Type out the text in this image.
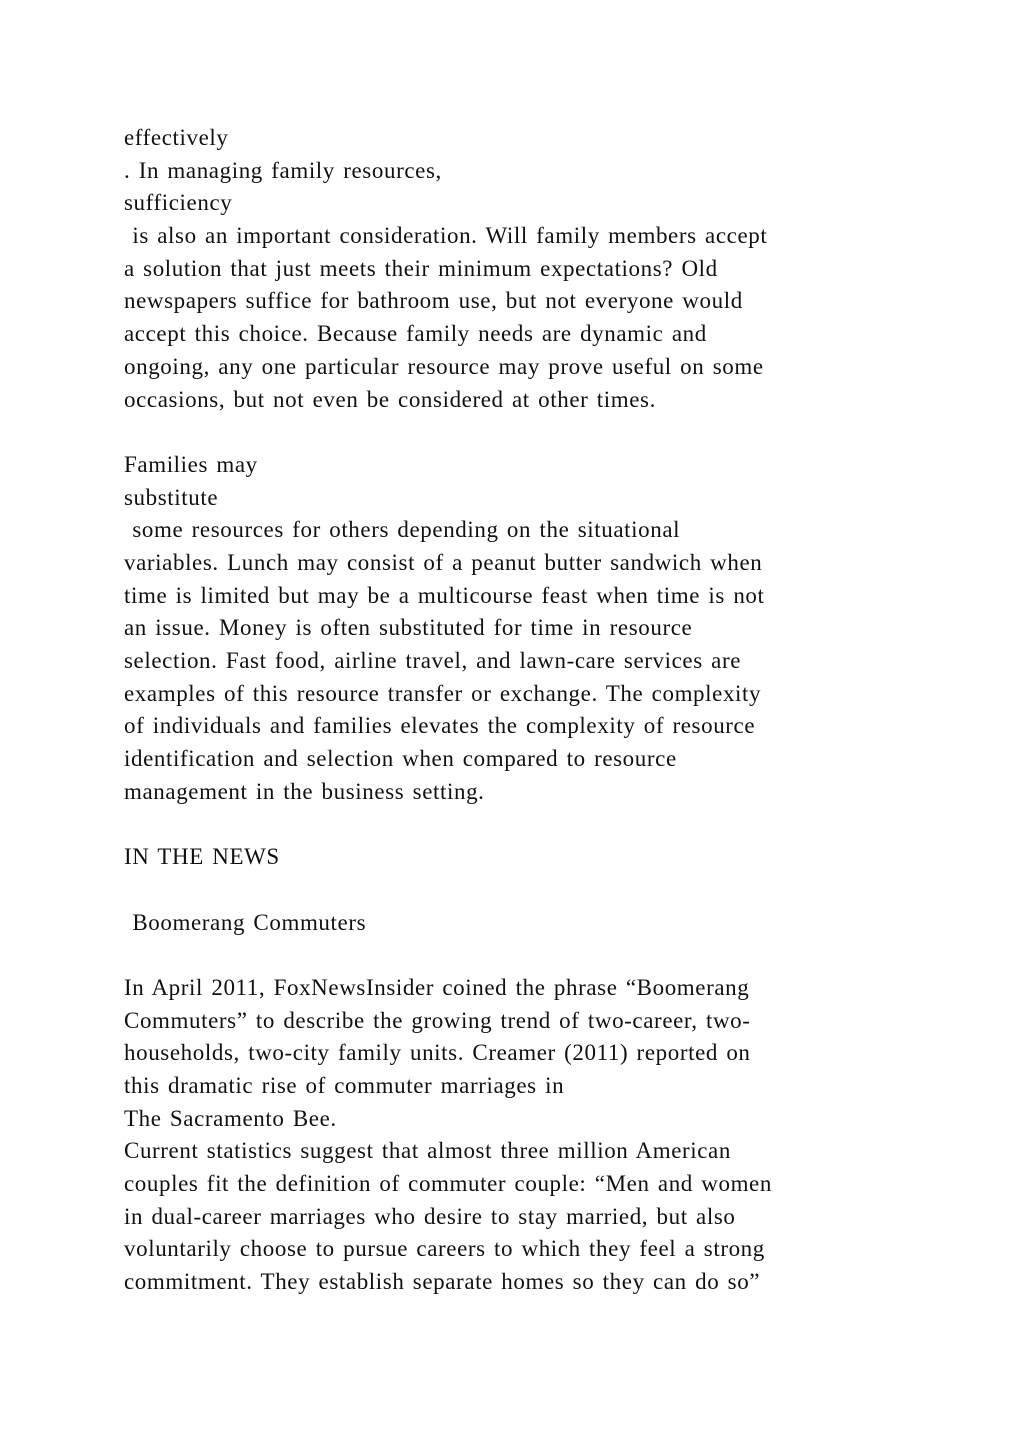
effectively
. In managing family resources,
sufficiency
is also an important consideration. Will family members accept
a solution that just meets their minimum expectations? Old
newspapers suffice for bathroom use, but not everyone would
accept this choice. Because family needs are dynamic and
ongoing, any one particular resource may prove useful on some
occasions, but not even be considered at other times.
Families may
substitute
some resources for others depending on the situational
variables. Lunch may consist of a peanut butter sandwich when
time is limited but may be a multicourse feast when time is not
an issue. Money is often substituted for time in resource
selection. Fast food, airline travel, and lawn-care services are
examples of this resource transfer or exchange. The complexity
of individuals and families elevates the complexity of resource
identification and selection when compared to resource
management in the business setting.
IN THE NEWS
Boomerang Commuters
In April 2011, FoxNewsInsider coined the phrase “Boomerang
Commuters” to describe the growing trend of two-career, two-
households, two-city family units. Creamer (2011) reported on
this dramatic rise of commuter marriages in
The Sacramento Bee.
Current statistics suggest that almost three million American
couples fit the definition of commuter couple: “Men and women
in dual-career marriages who desire to stay married, but also
voluntarily choose to pursue careers to which they feel a strong
commitment. They establish separate homes so they can do so”
